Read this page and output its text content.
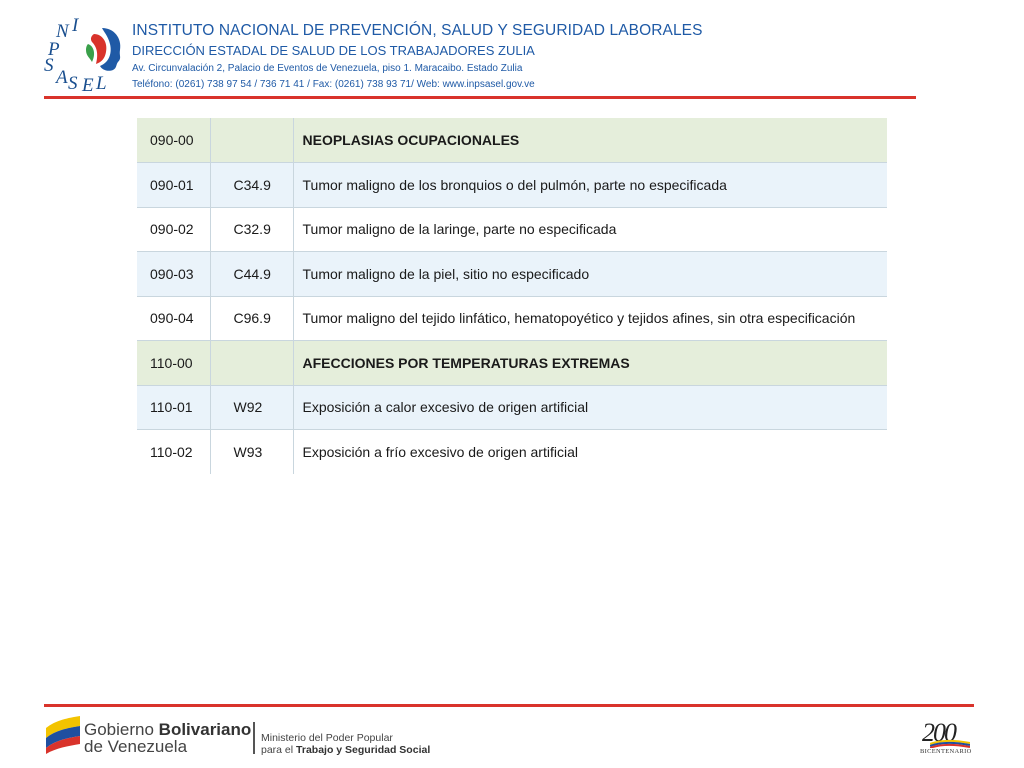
N I
P
S
A S E L
INSTITUTO NACIONAL DE PREVENCIÓN, SALUD Y SEGURIDAD LABORALES
DIRECCIÓN ESTADAL DE SALUD DE LOS TRABAJADORES ZULIA
Av. Circunvalación 2, Palacio de Eventos de Venezuela, piso 1. Maracaibo. Estado Zulia
Teléfono: (0261) 738 97 54 / 736 71 41 / Fax: (0261) 738 93 71/ Web: www.inpsasel.gov.ve
090-00		NEOPLASIAS OCUPACIONALES
090-01	C34.9	Tumor maligno de los bronquios o del pulmón, parte no especificada
090-02	C32.9	Tumor maligno de la laringe, parte no especificada
090-03	C44.9	Tumor maligno de la piel, sitio no especificado
090-04	C96.9	Tumor maligno del tejido linfático, hematopoyético y tejidos afines, sin otra especificación
110-00		AFECCIONES POR TEMPERATURAS EXTREMAS
110-01	W92	Exposición a calor excesivo de origen artificial
110-02	W93	Exposición a frío excesivo de origen artificial
Gobierno Bolivariano
de Venezuela	Ministerio del Poder Popular
para el Trabajo y Seguridad Social
200
BICENTENARIO
